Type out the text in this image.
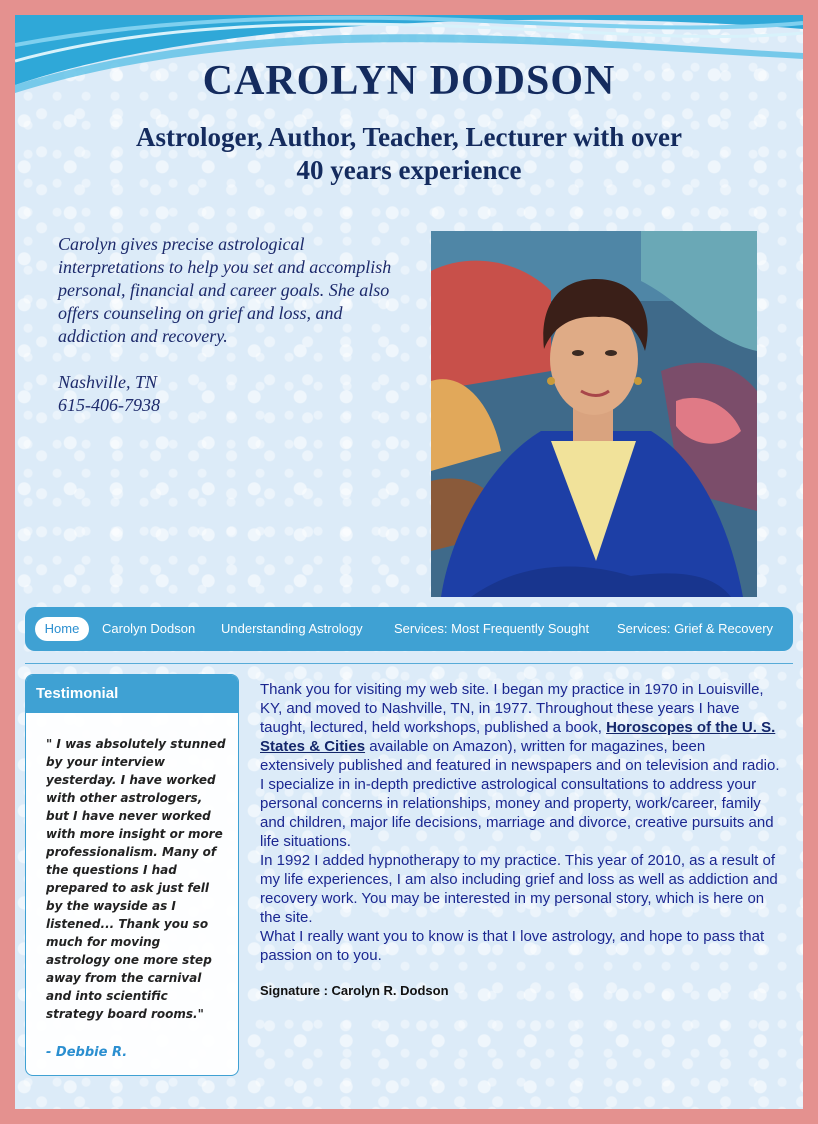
CAROLYN DODSON
Astrologer, Author, Teacher, Lecturer with over 40 years experience

Carolyn gives precise astrological interpretations to help you set and accomplish personal, financial and career goals. She also offers counseling on grief and loss, and addiction and recovery.

Nashville, TN

615-406-7938

Home	Carolyn Dodson Understanding Astrology Services: Most Frequently Sought Services: Grief & Recovery
Testimonial
" I was absolutely stunned by your interview yesterday. I have worked with other astrologers, but I have never worked with more insight or more professionalism. Many of the questions I had prepared to ask just fell by the wayside as I listened... Thank you so much for moving astrology one more step away from the carnival and into scientific strategy board rooms."
- Debbie R.

Thank you for visiting my web site. I began my practice in 1970 in Louisville, KY, and moved to Nashville, TN, in 1977. Throughout these years I have taught, lectured, held workshops, published a book, Horoscopes of the U. S. States & Cities available on Amazon), written for magazines, been extensively published and featured in newspapers and on television and radio.

I specialize in in-depth predictive astrological consultations to address your personal concerns in relationships, money and property, work/career, family and children, major life decisions, marriage and divorce, creative pursuits and life situations.

In 1992 I added hypnotherapy to my practice. This year of 2010, as a result of my life experiences, I am also including grief and loss as well as addiction and recovery work. You may be interested in my personal story, which is here on the site.

What I really want you to know is that I love astrology, and hope to pass that passion on to you.

Signature : Carolyn R. Dodson
